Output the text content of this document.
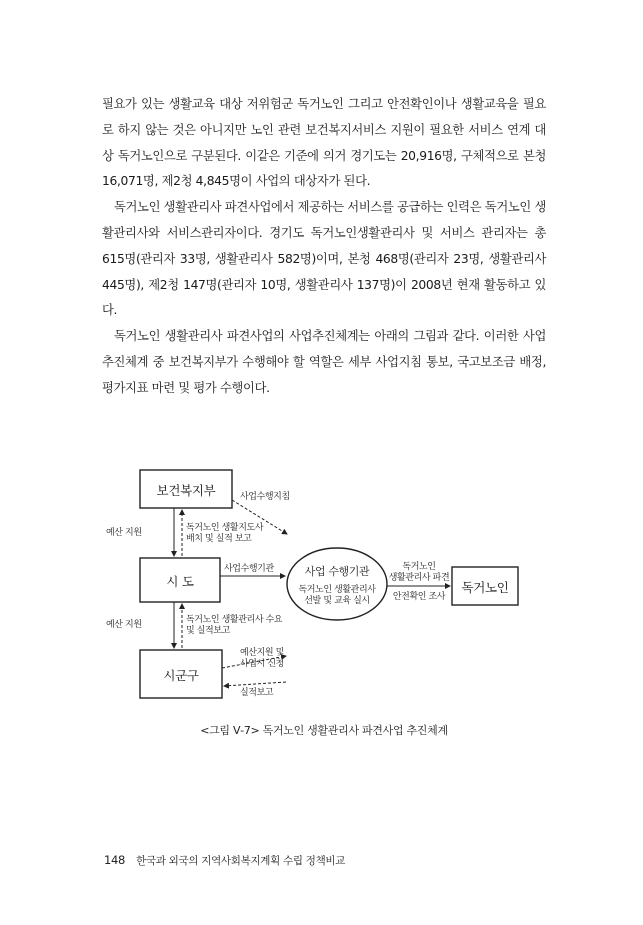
필요가 있는 생활교육 대상 저위험군 독거노인 그리고 안전확인이나 생활교육을 필요로 하지 않는 것은 아니지만 노인 관련 보건복지서비스 지원이 필요한 서비스 연계 대상 독거노인으로 구분된다. 이같은 기준에 의거 경기도는 20,916명, 구체적으로 본청 16,071명, 제2청 4,845명이 사업의 대상자가 된다.

독거노인 생활관리사 파견사업에서 제공하는 서비스를 공급하는 인력은 독거노인 생활관리사와 서비스관리자이다. 경기도 독거노인생활관리사 및 서비스 관리자는 총 615명(관리자 33명, 생활관리사 582명)이며, 본청 468명(관리자 23명, 생활관리사 445명), 제2청 147명(관리자 10명, 생활관리사 137명)이 2008년 현재 활동하고 있다.

독거노인 생활관리사 파견사업의 사업추진체계는 아래의 그림과 같다. 이러한 사업추진체계 중 보건복지부가 수행해야 할 역할은 세부 사업지침 통보, 국고보조금 배정, 평가지표 마련 및 평가 수행이다.

보건복지부
시 도
시군구
독거노인
사업 수행기관
독거노인 생활관리사
선발 및 교육 실시
사업수행지침
예산 지원	독거노인 생활지도사
배치 및 실적 보고
사업수행기관	독거노인
생활관리사 파견
안전확인 조사
예산 지원	독거노인 생활관리사 수요
및 실적보고
예산지원 및
사업시 신청
실적보고
<그림 Ⅴ-7> 독거노인 생활관리사 파견사업 추진체계
148 한국과 외국의 지역사회복지계획 수립 정책비교
